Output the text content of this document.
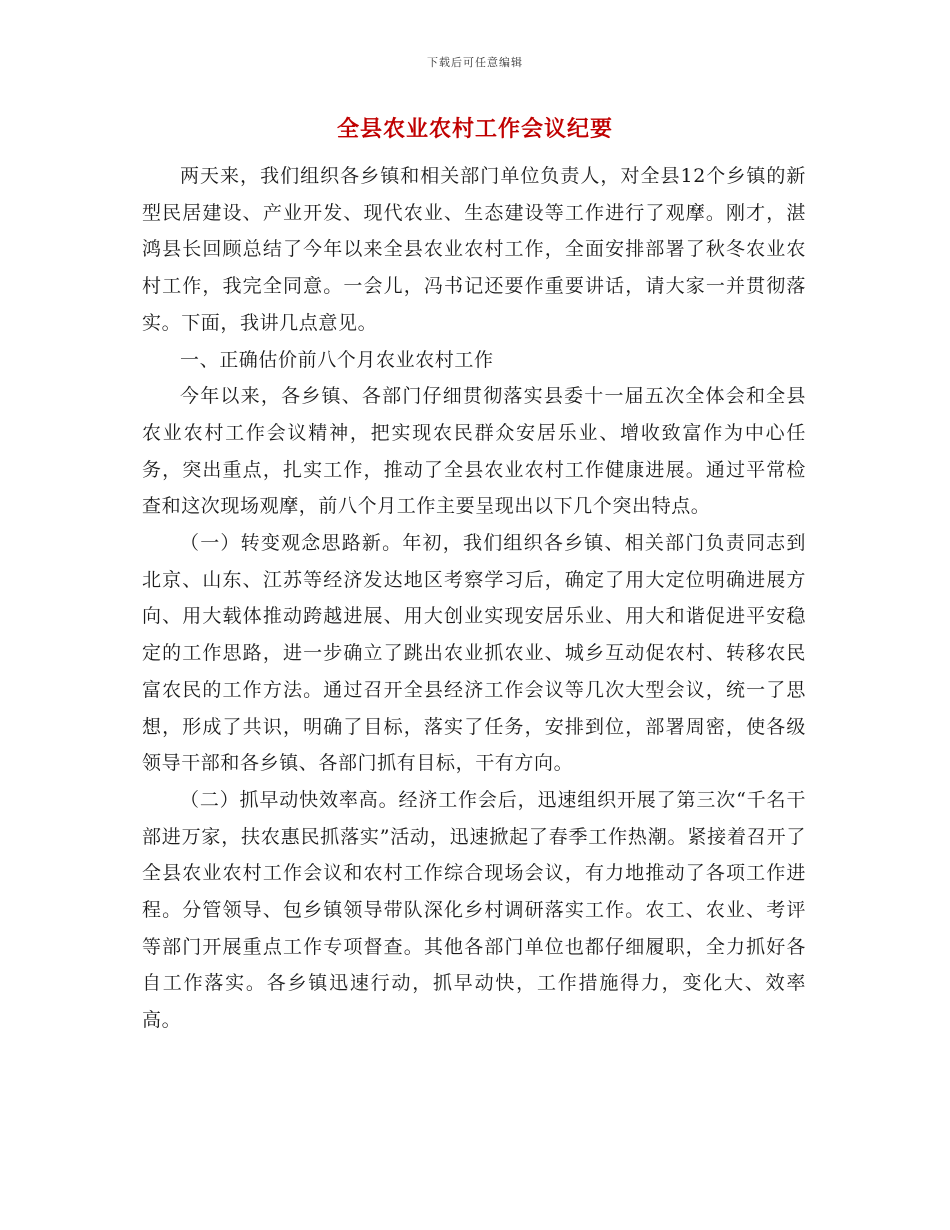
下载后可任意编辑
全县农业农村工作会议纪要

两天来，我们组织各乡镇和相关部门单位负责人，对全县12个乡镇的新型民居建设、产业开发、现代农业、生态建设等工作进行了观摩。刚才，湛鸿县长回顾总结了今年以来全县农业农村工作，全面安排部署了秋冬农业农村工作，我完全同意。一会儿，冯书记还要作重要讲话，请大家一并贯彻落实。下面，我讲几点意见。

一、正确估价前八个月农业农村工作

今年以来，各乡镇、各部门仔细贯彻落实县委十一届五次全体会和全县农业农村工作会议精神，把实现农民群众安居乐业、增收致富作为中心任务，突出重点，扎实工作，推动了全县农业农村工作健康进展。通过平常检查和这次现场观摩，前八个月工作主要呈现出以下几个突出特点。

（一）转变观念思路新。年初，我们组织各乡镇、相关部门负责同志到北京、山东、江苏等经济发达地区考察学习后，确定了用大定位明确进展方向、用大载体推动跨越进展、用大创业实现安居乐业、用大和谐促进平安稳定的工作思路，进一步确立了跳出农业抓农业、城乡互动促农村、转移农民富农民的工作方法。通过召开全县经济工作会议等几次大型会议，统一了思想，形成了共识，明确了目标，落实了任务，安排到位，部署周密，使各级领导干部和各乡镇、各部门抓有目标，干有方向。

（二）抓早动快效率高。经济工作会后，迅速组织开展了第三次“千名干部进万家，扶农惠民抓落实”活动，迅速掀起了春季工作热潮。紧接着召开了全县农业农村工作会议和农村工作综合现场会议，有力地推动了各项工作进程。分管领导、包乡镇领导带队深化乡村调研落实工作。农工、农业、考评等部门开展重点工作专项督查。其他各部门单位也都仔细履职，全力抓好各自工作落实。各乡镇迅速行动，抓早动快，工作措施得力，变化大、效率高。
